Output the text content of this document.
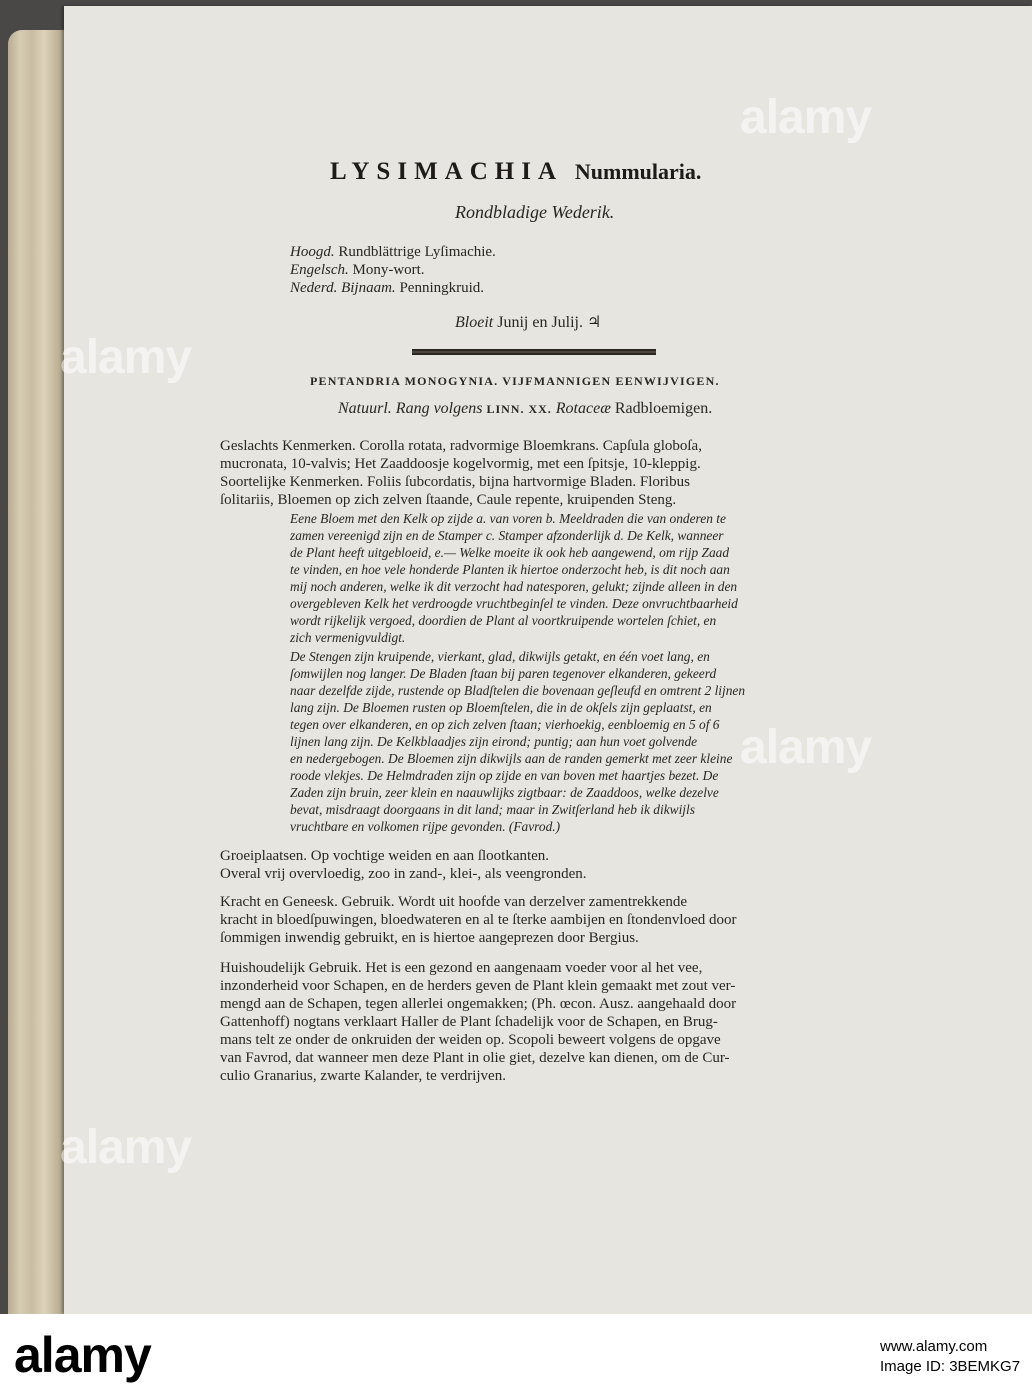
LYSIMACHIA Nummularia.
Rondbladige Wederik.
Hoogd. Rundblättrige Lyſimachie.
Engelsch. Mony-wort.
Nederd. Bijnaam. Penningkruid.
Bloeit Junij en Julij. ♃
PENTANDRIA MONOGYNIA. VIJFMANNIGEN EENWIJVIGEN.
Natuurl. Rang volgens LINN. XX. Rotaceæ Radbloemigen.
Geslachts Kenmerken. Corolla rotata, radvormige Bloemkrans. Capſula globoſa,
mucronata, 10-valvis; Het Zaaddoosje kogelvormig, met een ſpitsje, 10-kleppig.
Soortelijke Kenmerken. Foliis ſubcordatis, bijna hartvormige Bladen. Floribus
ſolitariis, Bloemen op zich zelven ſtaande, Caule repente, kruipenden Steng.
Eene Bloem met den Kelk op zijde a. van voren b. Meeldraden die van onderen te
zamen vereenigd zijn en de Stamper c. Stamper afzonderlijk d. De Kelk, wanneer
de Plant heeft uitgebloeid, e.— Welke moeite ik ook heb aangewend, om rijp Zaad
te vinden, en hoe vele honderde Planten ik hiertoe onderzocht heb, is dit noch aan
mij noch anderen, welke ik dit verzocht had natesporen, gelukt; zijnde alleen in den
overgebleven Kelk het verdroogde vruchtbeginſel te vinden. Deze onvruchtbaarheid
wordt rijkelijk vergoed, doordien de Plant al voortkruipende wortelen ſchiet, en
zich vermenigvuldigt.
De Stengen zijn kruipende, vierkant, glad, dikwijls getakt, en één voet lang, en
ſomwijlen nog langer. De Bladen ſtaan bij paren tegenover elkanderen, gekeerd
naar dezelfde zijde, rustende op Bladſtelen die bovenaan geſleufd en omtrent 2 lijnen
lang zijn. De Bloemen rusten op Bloemſtelen, die in de okſels zijn geplaatst, en
tegen over elkanderen, en op zich zelven ſtaan; vierhoekig, eenbloemig en 5 of 6
lijnen lang zijn. De Kelkblaadjes zijn eirond; puntig; aan hun voet golvende
en nedergebogen. De Bloemen zijn dikwijls aan de randen gemerkt met zeer kleine
roode vlekjes. De Helmdraden zijn op zijde en van boven met haartjes bezet. De
Zaden zijn bruin, zeer klein en naauwlijks zigtbaar: de Zaaddoos, welke dezelve
bevat, misdraagt doorgaans in dit land; maar in Zwitſerland heb ik dikwijls
vruchtbare en volkomen rijpe gevonden. (Favrod.)
Groeiplaatsen. Op vochtige weiden en aan ſlootkanten.
Overal vrij overvloedig, zoo in zand-, klei-, als veengronden.
Kracht en Geneesk. Gebruik. Wordt uit hoofde van derzelver zamentrekkende
kracht in bloedſpuwingen, bloedwateren en al te ſterke aambijen en ſtondenvloed door
ſommigen inwendig gebruikt, en is hiertoe aangeprezen door Bergius.
Huishoudelijk Gebruik. Het is een gezond en aangenaam voeder voor al het vee,
inzonderheid voor Schapen, en de herders geven de Plant klein gemaakt met zout ver-
mengd aan de Schapen, tegen allerlei ongemakken; (Ph. œcon. Ausz. aangehaald door
Gattenhoff) nogtans verklaart Haller de Plant ſchadelijk voor de Schapen, en Brug-
mans telt ze onder de onkruiden der weiden op. Scopoli beweert volgens de opgave
van Favrod, dat wanneer men deze Plant in olie giet, dezelve kan dienen, om de Cur-
culio Granarius, zwarte Kalander, te verdrijven.
alamy
alamy
alamy
alamy
alamy	www.alamy.com
Image ID: 3BEMKG7
